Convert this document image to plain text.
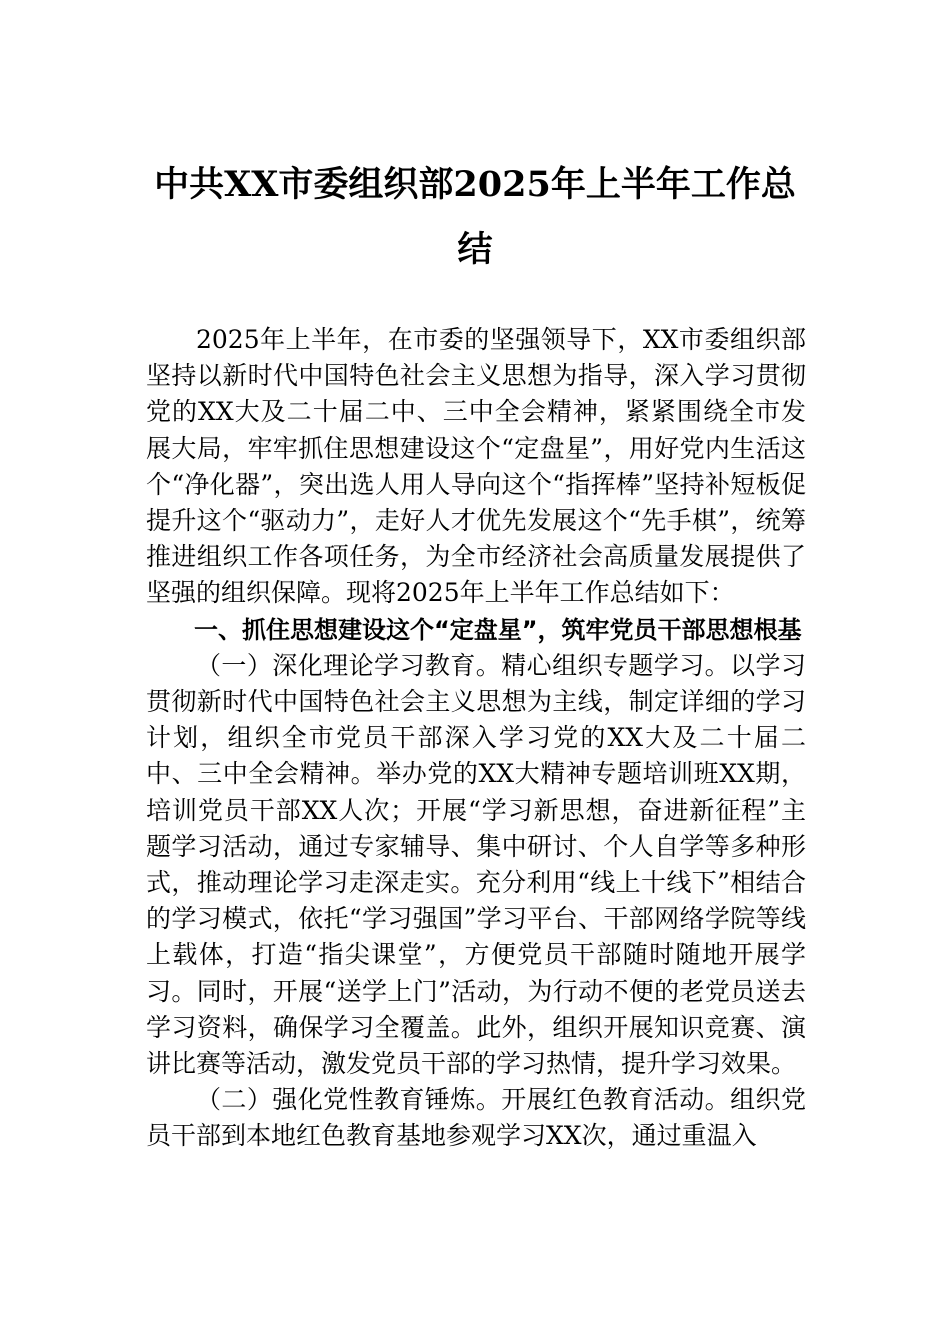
中共XX市委组织部2025年上半年工作总
结

2025年上半年，在市委的坚强领导下，XX市委组织部坚持以新时代中国特色社会主义思想为指导，深入学习贯彻党的XX大及二十届二中、三中全会精神，紧紧围绕全市发展大局，牢牢抓住思想建设这个“定盘星”，用好党内生活这个“净化器”，突出选人用人导向这个“指挥棒”坚持补短板促提升这个“驱动力”，走好人才优先发展这个“先手棋”，统筹推进组织工作各项任务，为全市经济社会高质量发展提供了坚强的组织保障。现将2025年上半年工作总结如下：

一、抓住思想建设这个“定盘星”，筑牢党员干部思想根基

（一）深化理论学习教育。精心组织专题学习。以学习贯彻新时代中国特色社会主义思想为主线，制定详细的学习计划，组织全市党员干部深入学习党的XX大及二十届二中、三中全会精神。举办党的XX大精神专题培训班XX期，培训党员干部XX人次；开展“学习新思想，奋进新征程”主题学习活动，通过专家辅导、集中研讨、个人自学等多种形式，推动理论学习走深走实。充分利用“线上十线下”相结合的学习模式，依托“学习强国”学习平台、干部网络学院等线上载体，打造“指尖课堂”，方便党员干部随时随地开展学习。同时，开展“送学上门”活动，为行动不便的老党员送去学习资料，确保学习全覆盖。此外，组织开展知识竞赛、演讲比赛等活动，激发党员干部的学习热情，提升学习效果。

（二）强化党性教育锤炼。开展红色教育活动。组织党员干部到本地红色教育基地参观学习XX次，通过重温入
